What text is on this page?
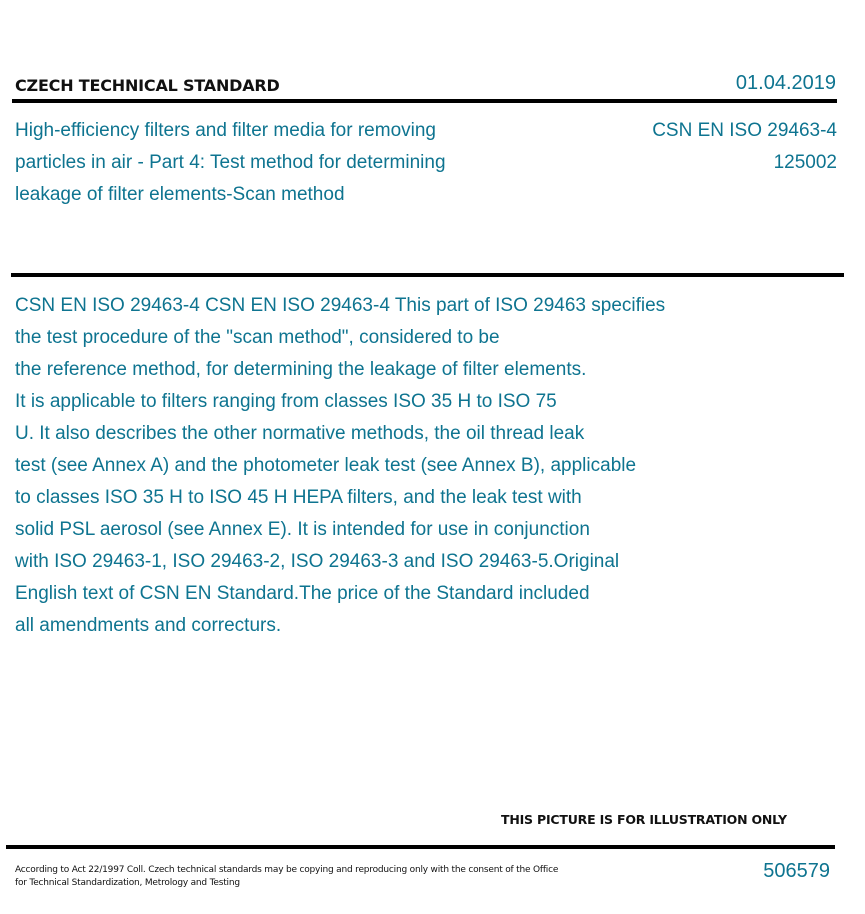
CZECH TECHNICAL STANDARD	01.04.2019
High-efficiency filters and filter media for removing
particles in air - Part 4: Test method for determining
leakage of filter elements-Scan method
CSN EN ISO 29463-4
125002
CSN EN ISO 29463-4 CSN EN ISO 29463-4 This part of ISO 29463 specifies
the test procedure of the "scan method", considered to be
the reference method, for determining the leakage of filter elements.
It is applicable to filters ranging from classes ISO 35 H to ISO 75
U. It also describes the other normative methods, the oil thread leak
test (see Annex A) and the photometer leak test (see Annex B), applicable
to classes ISO 35 H to ISO 45 H HEPA filters, and the leak test with
solid PSL aerosol (see Annex E). It is intended for use in conjunction
with ISO 29463-1, ISO 29463-2, ISO 29463-3 and ISO 29463-5.Original
English text of CSN EN Standard.The price of the Standard included
all amendments and correcturs.
THIS PICTURE IS FOR ILLUSTRATION ONLY
According to Act 22/1997 Coll. Czech technical standards may be copying and reproducing only with the consent of the Office
for Technical Standardization, Metrology and Testing
506579
